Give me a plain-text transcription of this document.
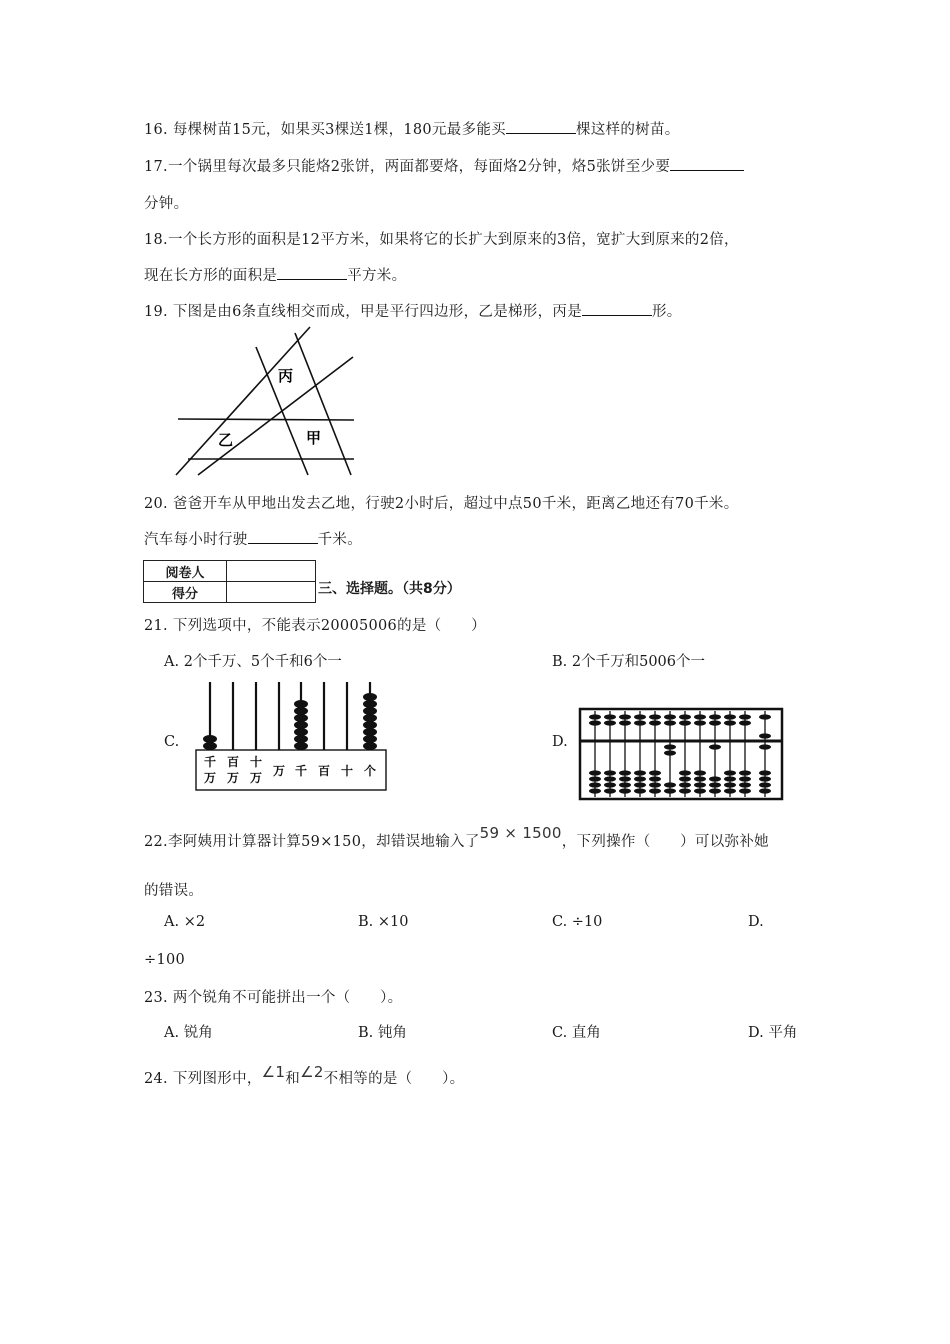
16. 每棵树苗15元，如果买3棵送1棵，180元最多能买	棵这样的树苗。
17.一个锅里每次最多只能烙2张饼，两面都要烙，每面烙2分钟，烙5张饼至少要
分钟。
18.一个长方形的面积是12平方米，如果将它的长扩大到原来的3倍，宽扩大到原来的2倍，
现在长方形的面积是	平方米。
19. 下图是由6条直线相交而成，甲是平行四边形，乙是梯形，丙是	形。
丙
乙	甲
20. 爸爸开车从甲地出发去乙地，行驶2小时后，超过中点50千米，距离乙地还有70千米。
汽车每小时行驶	千米。
阅卷人	
得分		三、选择题。（共8分）
21. 下列选项中，不能表示20005006的是（　　）
A. 2个千万、5个千和6个一	B. 2个千万和5006个一
C.	D.
千
万
百
万
十
万 万 千 百 十 个
22.李阿姨用计算器计算59×150，却错误地输入了59 × 1500，下列操作（　　）可以弥补她
的错误。
A. ×2	B. ×10	C. ÷10	D.
÷100
23. 两个锐角不可能拼出一个（　　）。
A. 锐角	B. 钝角	C. 直角	D. 平角
24. 下列图形中，∠1和∠2不相等的是（　　）。
